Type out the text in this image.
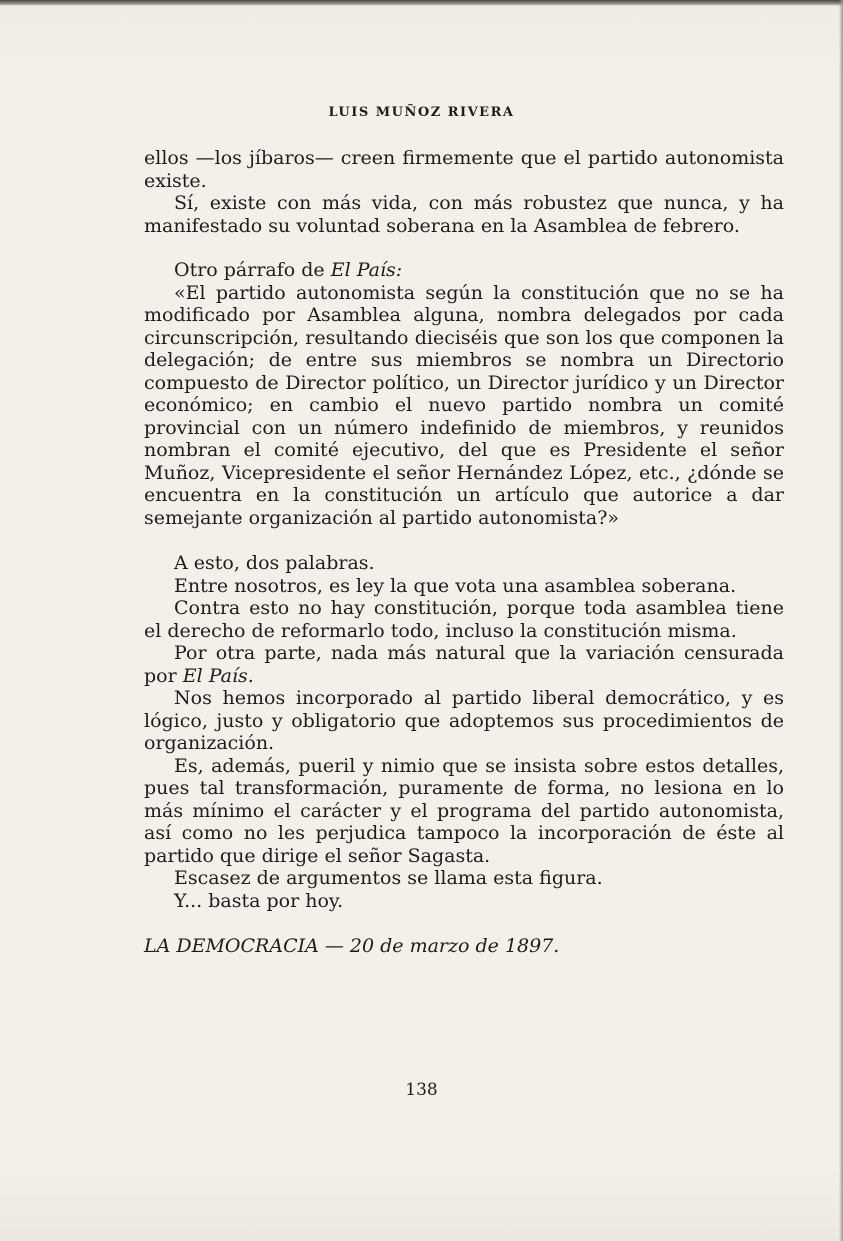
LUIS MUÑOZ RIVERA

ellos —los jíbaros— creen firmemente que el partido autonomista existe.

Sí, existe con más vida, con más robustez que nunca, y ha manifestado su voluntad soberana en la Asamblea de febrero.

Otro párrafo de El País:

«El partido autonomista según la constitución que no se ha modificado por Asamblea alguna, nombra delegados por cada circunscripción, resultando dieciséis que son los que componen la delegación; de entre sus miembros se nombra un Directorio compuesto de Director político, un Director jurídico y un Director económico; en cambio el nuevo partido nombra un comité provincial con un número indefinido de miembros, y reunidos nombran el comité ejecutivo, del que es Presidente el señor Muñoz, Vicepresidente el señor Hernández López, etc., ¿dónde se encuentra en la constitución un artículo que autorice a dar semejante organización al partido autonomista?»

A esto, dos palabras.

Entre nosotros, es ley la que vota una asamblea soberana.

Contra esto no hay constitución, porque toda asamblea tiene el derecho de reformarlo todo, incluso la constitución misma.

Por otra parte, nada más natural que la variación censurada por El País.

Nos hemos incorporado al partido liberal democrático, y es lógico, justo y obligatorio que adoptemos sus procedimientos de organización.

Es, además, pueril y nimio que se insista sobre estos detalles, pues tal transformación, puramente de forma, no lesiona en lo más mínimo el carácter y el programa del partido autonomista, así como no les perjudica tampoco la incorporación de éste al partido que dirige el señor Sagasta.

Escasez de argumentos se llama esta figura.

Y... basta por hoy.

LA DEMOCRACIA — 20 de marzo de 1897.

138
